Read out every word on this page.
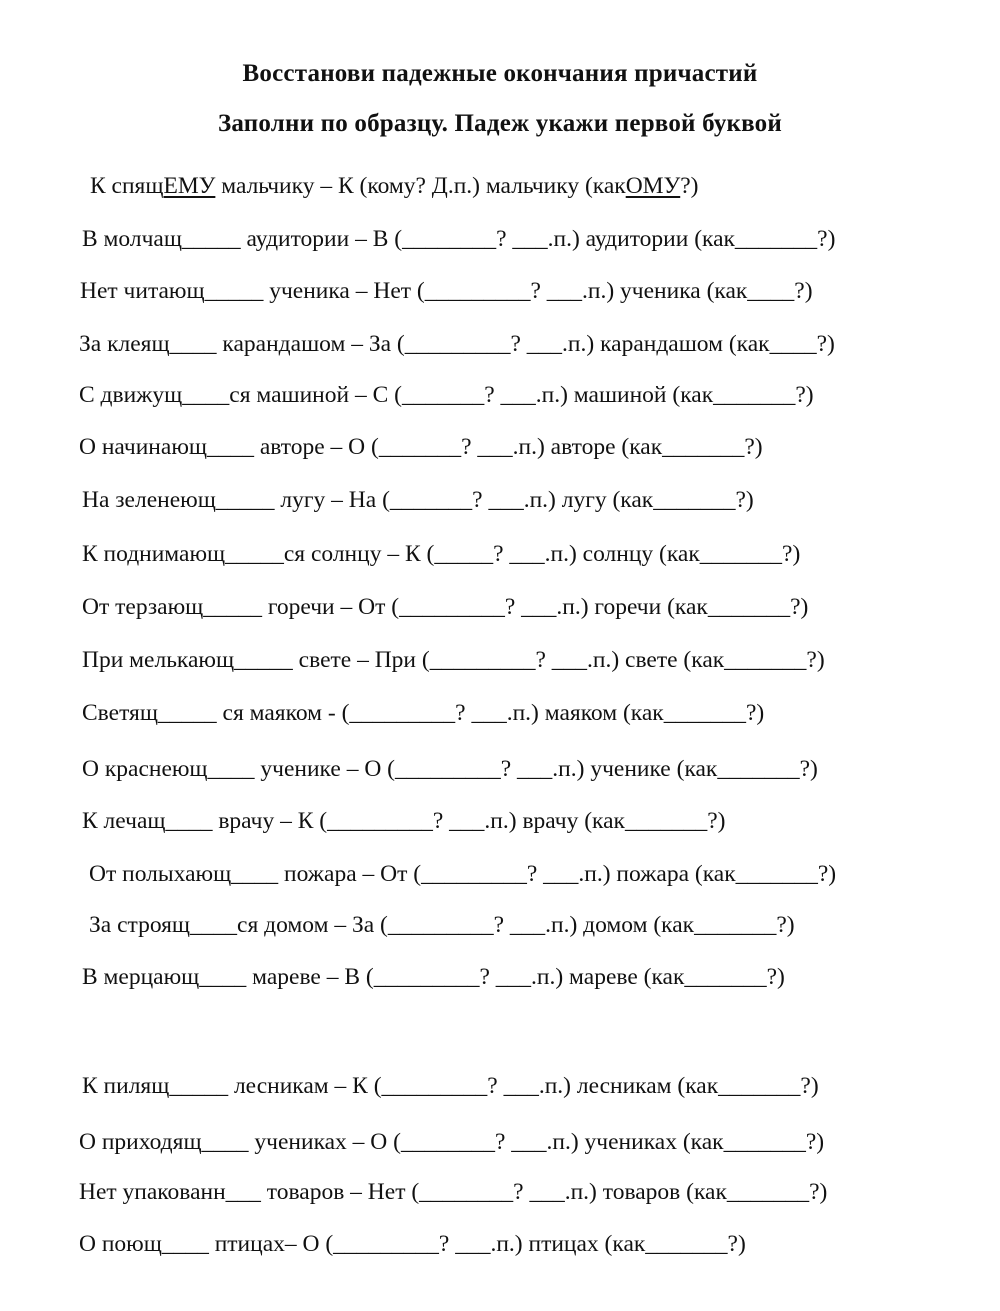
Восстанови падежные окончания причастий
Заполни по образцу. Падеж укажи первой буквой
К спящЕМУ мальчику – К (кому? Д.п.) мальчику (какОМУ?)
В молчащ_____ аудитории – В (________? ___.п.) аудитории (как_______?)
Нет читающ_____ ученика – Нет (_________? ___.п.) ученика (как____?)
За клеящ____ карандашом – За (_________? ___.п.) карандашом (как____?)
С движущ____ся машиной – С (_______? ___.п.) машиной (как_______?)
О начинающ____ авторе – О (_______? ___.п.) авторе (как_______?)
На зеленеющ_____ лугу – На (_______? ___.п.) лугу (как_______?)
К поднимающ_____ся солнцу – К (_____? ___.п.) солнцу (как_______?)
От терзающ_____ горечи – От (_________? ___.п.) горечи (как_______?)
При мелькающ_____ свете – При (_________? ___.п.) свете (как_______?)
Светящ_____ ся маяком - (_________? ___.п.) маяком (как_______?)
О краснеющ____ ученике – О (_________? ___.п.) ученике (как_______?)
К лечащ____ врачу – К (_________? ___.п.) врачу (как_______?)
От полыхающ____ пожара – От (_________? ___.п.) пожара (как_______?)
За строящ____ся домом – За (_________? ___.п.) домом (как_______?)
В мерцающ____ мареве – В (_________? ___.п.) мареве (как_______?)
К пилящ_____ лесникам – К (_________? ___.п.) лесникам (как_______?)
О приходящ____ учениках – О (________? ___.п.) учениках (как_______?)
Нет упакованн___ товаров – Нет (________? ___.п.) товаров (как_______?)
О поющ____ птицах– О (_________? ___.п.) птицах (как_______?)
